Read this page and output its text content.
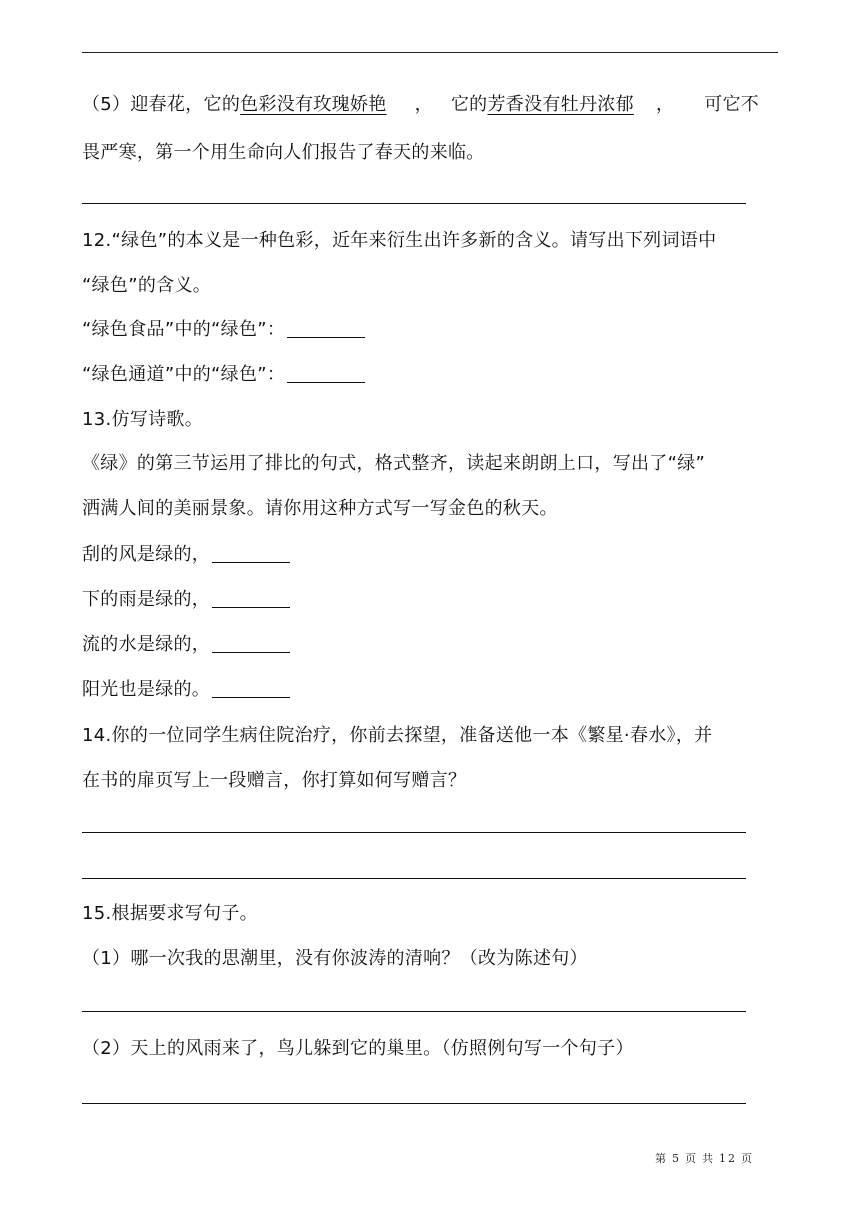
（5）迎春花，它的色彩没有玫瑰娇艳 ， 它的芳香没有牡丹浓郁 ， 可它不
畏严寒，第一个用生命向人们报告了春天的来临。
12.“绿色”的本义是一种色彩，近年来衍生出许多新的含义。请写出下列词语中
“绿色”的含义。
“绿色食品”中的“绿色”：
“绿色通道”中的“绿色”：
13.仿写诗歌。
《绿》的第三节运用了排比的句式，格式整齐，读起来朗朗上口，写出了“绿”
洒满人间的美丽景象。请你用这种方式写一写金色的秋天。
刮的风是绿的，
下的雨是绿的，
流的水是绿的，
阳光也是绿的。
14.你的一位同学生病住院治疗，你前去探望，准备送他一本《繁星·春水》，并
在书的扉页写上一段赠言，你打算如何写赠言？
15.根据要求写句子。
（1）哪一次我的思潮里，没有你波涛的清响？（改为陈述句）
（2）天上的风雨来了，鸟儿躲到它的巢里。（仿照例句写一个句子）
第 5 页 共 12 页
